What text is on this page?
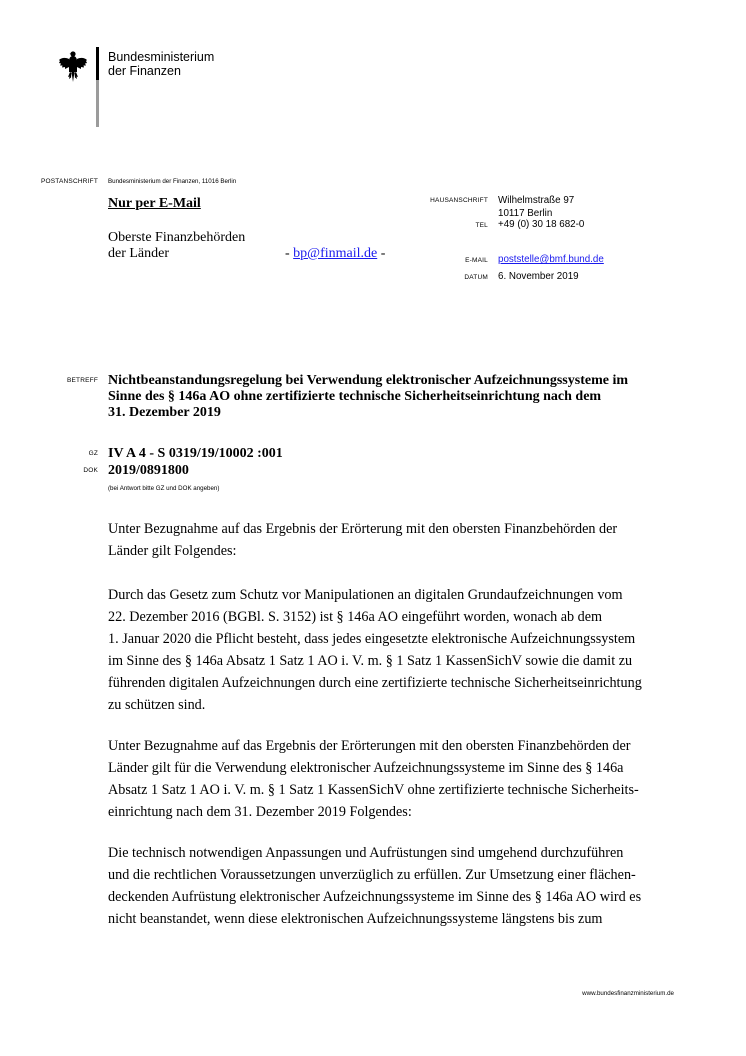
Bundesministerium
der Finanzen
POSTANSCHRIFT Bundesministerium der Finanzen, 11016 Berlin
Nur per E-Mail
Oberste Finanzbehörden
der Länder	- bp@finmail.de -
HAUSANSCHRIFT Wilhelmstraße 97
10117 Berlin
TEL +49 (0) 30 18 682-0
E-MAIL poststelle@bmf.bund.de
DATUM 6. November 2019
BETREFF Nichtbeanstandungsregelung bei Verwendung elektronischer Aufzeichnungssysteme im
Sinne des § 146a AO ohne zertifizierte technische Sicherheitseinrichtung nach dem
31. Dezember 2019
GZ IV A 4 - S 0319/19/10002 :001
DOK 2019/0891800
(bei Antwort bitte GZ und DOK angeben)
Unter Bezugnahme auf das Ergebnis der Erörterung mit den obersten Finanzbehörden der
Länder gilt Folgendes:
Durch das Gesetz zum Schutz vor Manipulationen an digitalen Grundaufzeichnungen vom
22. Dezember 2016 (BGBl. S. 3152) ist § 146a AO eingeführt worden, wonach ab dem
1. Januar 2020 die Pflicht besteht, dass jedes eingesetzte elektronische Aufzeichnungssystem
im Sinne des § 146a Absatz 1 Satz 1 AO i. V. m. § 1 Satz 1 KassenSichV sowie die damit zu
führenden digitalen Aufzeichnungen durch eine zertifizierte technische Sicherheitseinrichtung
zu schützen sind.
Unter Bezugnahme auf das Ergebnis der Erörterungen mit den obersten Finanzbehörden der
Länder gilt für die Verwendung elektronischer Aufzeichnungssysteme im Sinne des § 146a
Absatz 1 Satz 1 AO i. V. m. § 1 Satz 1 KassenSichV ohne zertifizierte technische Sicherheits-
einrichtung nach dem 31. Dezember 2019 Folgendes:
Die technisch notwendigen Anpassungen und Aufrüstungen sind umgehend durchzuführen
und die rechtlichen Voraussetzungen unverzüglich zu erfüllen. Zur Umsetzung einer flächen-
deckenden Aufrüstung elektronischer Aufzeichnungssysteme im Sinne des § 146a AO wird es
nicht beanstandet, wenn diese elektronischen Aufzeichnungssysteme längstens bis zum
www.bundesfinanzministerium.de
